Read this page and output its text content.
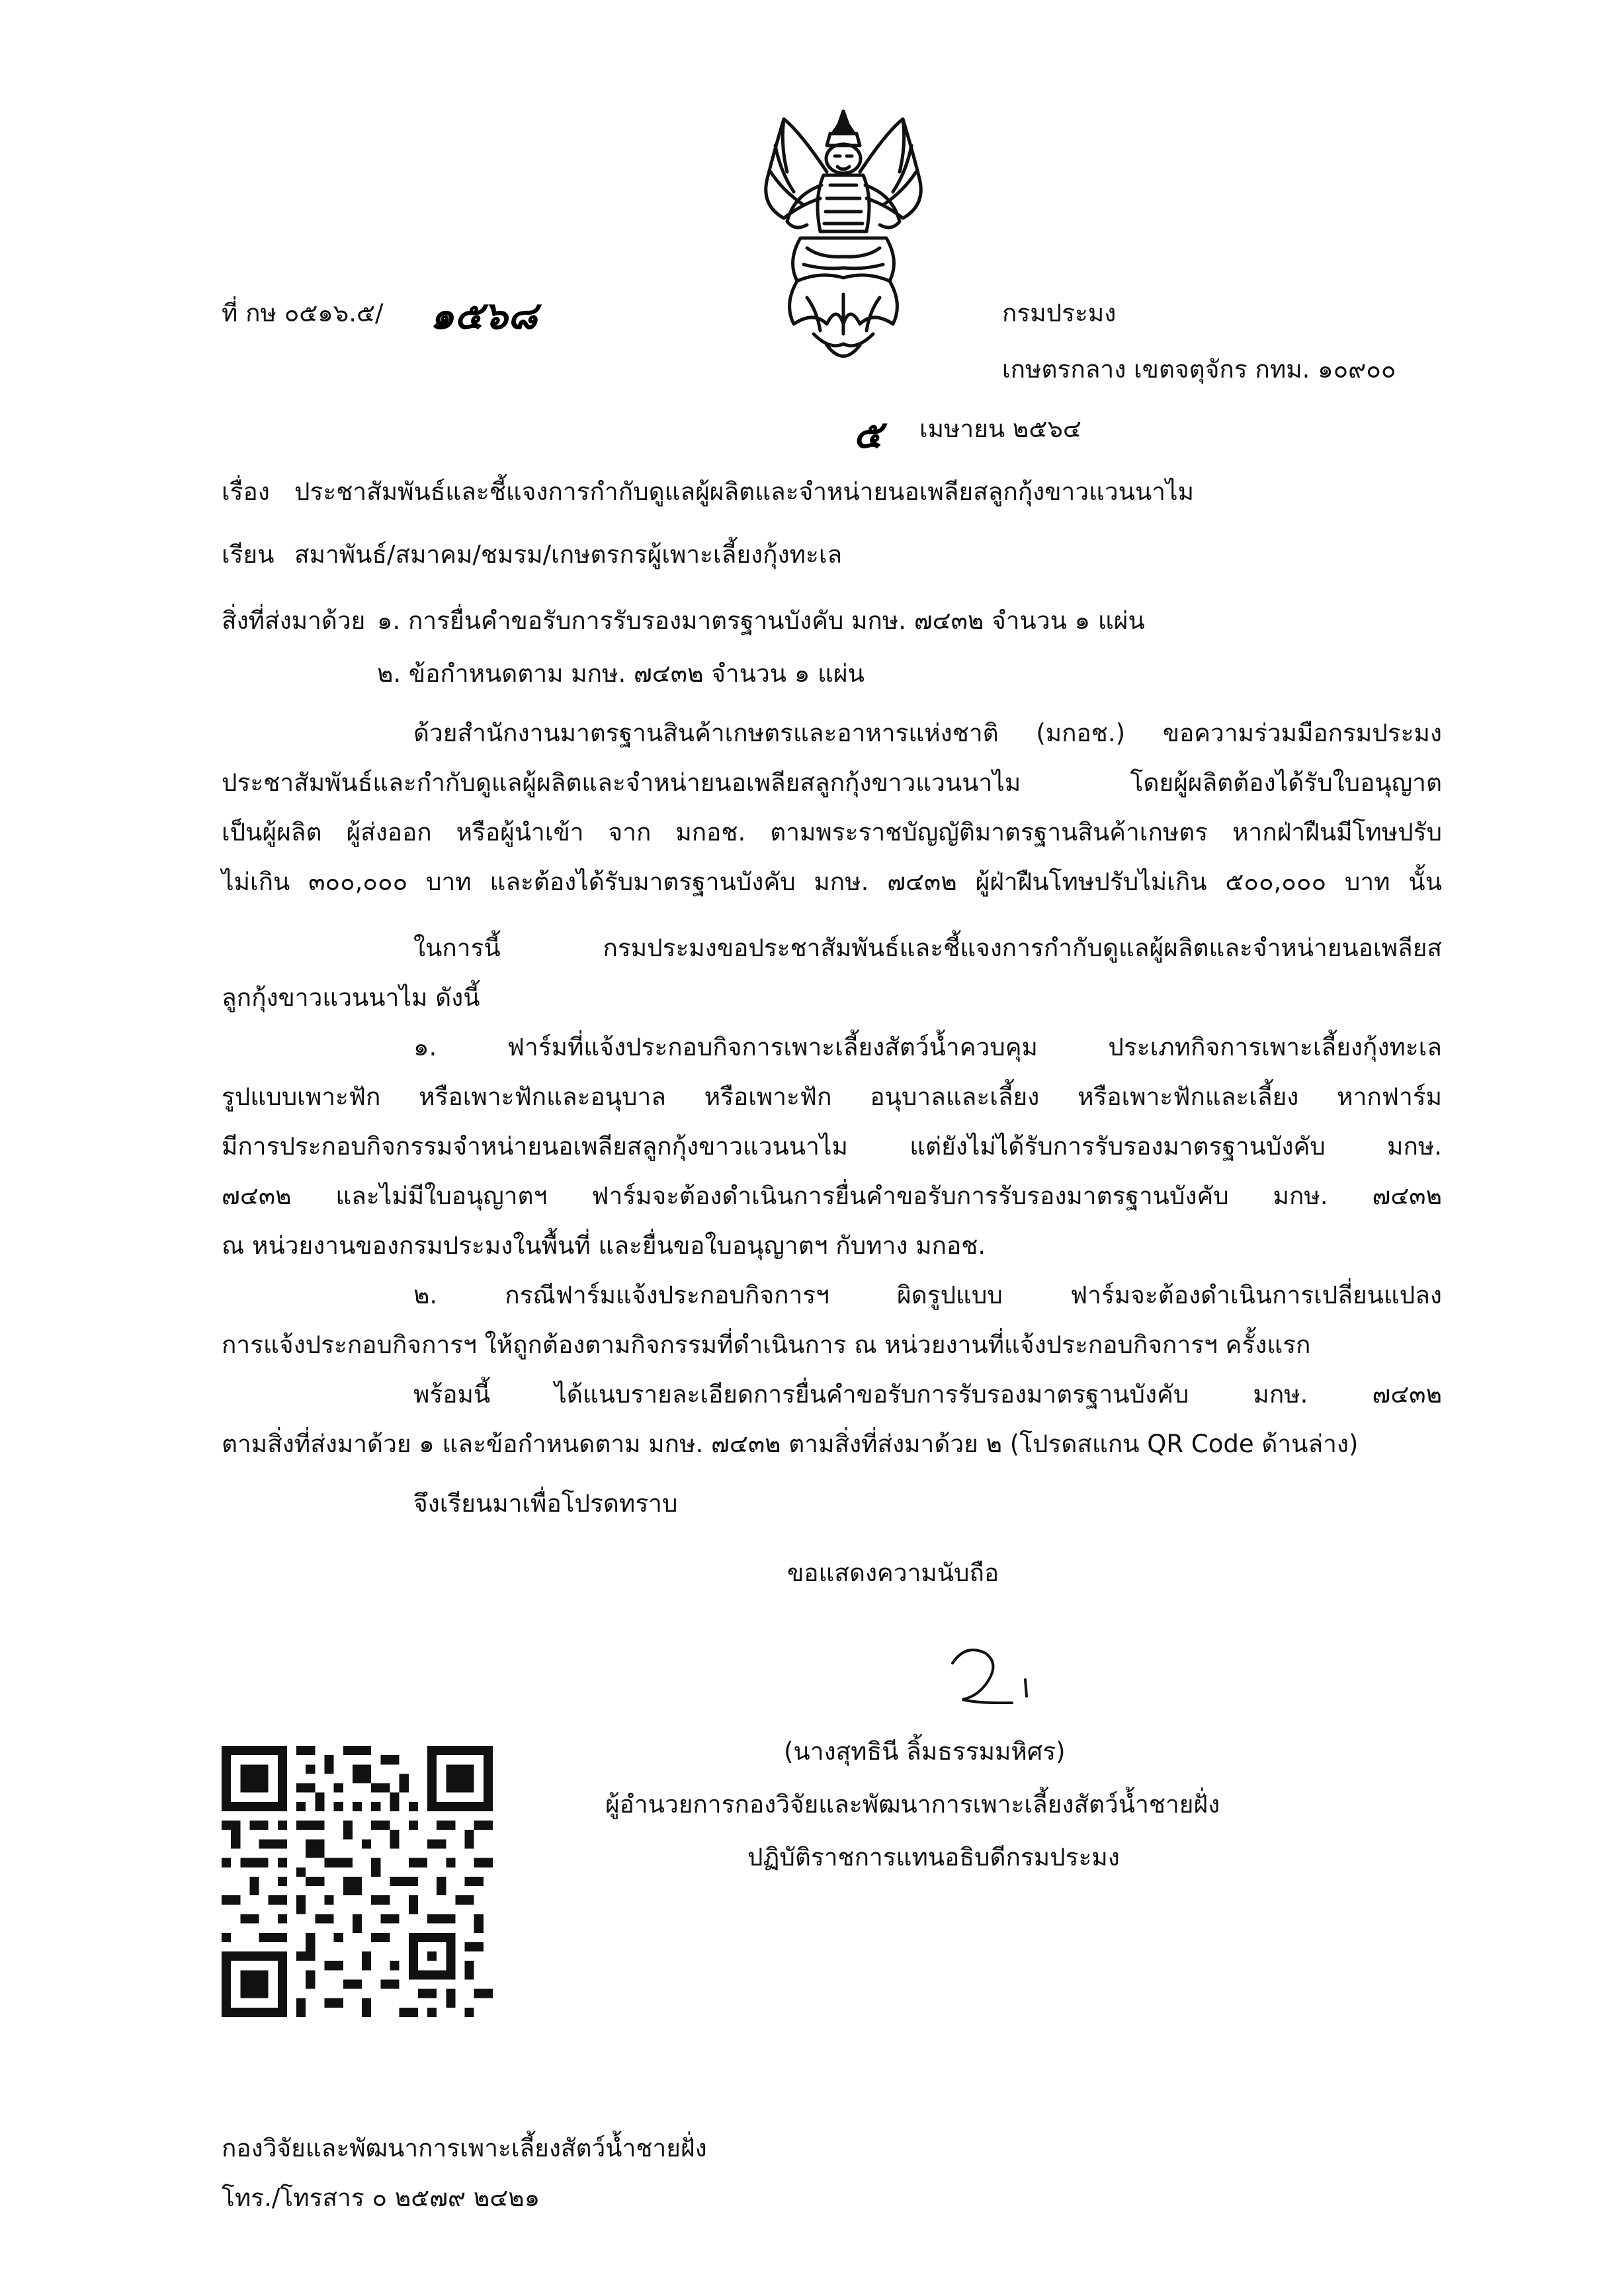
ที่ กษ ๐๕๑๖.๕/ ๑๕๖๘	กรมประมง
เกษตรกลาง เขตจตุจักร กทม. ๑๐๙๐๐
๕ เมษายน ๒๕๖๔
เรื่อง ประชาสัมพันธ์และชี้แจงการกำกับดูแลผู้ผลิตและจำหน่ายนอเพลียสลูกกุ้งขาวแวนนาไม
เรียน สมาพันธ์/สมาคม/ชมรม/เกษตรกรผู้เพาะเลี้ยงกุ้งทะเล
สิ่งที่ส่งมาด้วย ๑. การยื่นคำขอรับการรับรองมาตรฐานบังคับ มกษ. ๗๔๓๒ จำนวน ๑ แผ่น
๒. ข้อกำหนดตาม มกษ. ๗๔๓๒ จำนวน ๑ แผ่น
ด้วยสำนักงานมาตรฐานสินค้าเกษตรและอาหารแห่งชาติ (มกอช.) ขอความร่วมมือกรมประมง
ประชาสัมพันธ์และกำกับดูแลผู้ผลิตและจำหน่ายนอเพลียสลูกกุ้งขาวแวนนาไม โดยผู้ผลิตต้องได้รับใบอนุญาต
เป็นผู้ผลิต ผู้ส่งออก หรือผู้นำเข้า จาก มกอช. ตามพระราชบัญญัติมาตรฐานสินค้าเกษตร หากฝ่าฝืนมีโทษปรับ
ไม่เกิน ๓๐๐,๐๐๐ บาท และต้องได้รับมาตรฐานบังคับ มกษ. ๗๔๓๒ ผู้ฝ่าฝืนโทษปรับไม่เกิน ๕๐๐,๐๐๐ บาท นั้น
ในการนี้ กรมประมงขอประชาสัมพันธ์และชี้แจงการกำกับดูแลผู้ผลิตและจำหน่ายนอเพลียส
ลูกกุ้งขาวแวนนาไม ดังนี้
๑. ฟาร์มที่แจ้งประกอบกิจการเพาะเลี้ยงสัตว์น้ำควบคุม ประเภทกิจการเพาะเลี้ยงกุ้งทะเล
รูปแบบเพาะฟัก หรือเพาะฟักและอนุบาล หรือเพาะฟัก อนุบาลและเลี้ยง หรือเพาะฟักและเลี้ยง หากฟาร์ม
มีการประกอบกิจกรรมจำหน่ายนอเพลียสลูกกุ้งขาวแวนนาไม แต่ยังไม่ได้รับการรับรองมาตรฐานบังคับ มกษ.
๗๔๓๒ และไม่มีใบอนุญาตฯ ฟาร์มจะต้องดำเนินการยื่นคำขอรับการรับรองมาตรฐานบังคับ มกษ. ๗๔๓๒
ณ หน่วยงานของกรมประมงในพื้นที่ และยื่นขอใบอนุญาตฯ กับทาง มกอช.
๒. กรณีฟาร์มแจ้งประกอบกิจการฯ ผิดรูปแบบ ฟาร์มจะต้องดำเนินการเปลี่ยนแปลง
การแจ้งประกอบกิจการฯ ให้ถูกต้องตามกิจกรรมที่ดำเนินการ ณ หน่วยงานที่แจ้งประกอบกิจการฯ ครั้งแรก
พร้อมนี้ ได้แนบรายละเอียดการยื่นคำขอรับการรับรองมาตรฐานบังคับ มกษ. ๗๔๓๒
ตามสิ่งที่ส่งมาด้วย ๑ และข้อกำหนดตาม มกษ. ๗๔๓๒ ตามสิ่งที่ส่งมาด้วย ๒ (โปรดสแกน QR Code ด้านล่าง)
จึงเรียนมาเพื่อโปรดทราบ
ขอแสดงความนับถือ
(นางสุทธินี ลิ้มธรรมมหิศร)
ผู้อำนวยการกองวิจัยและพัฒนาการเพาะเลี้ยงสัตว์น้ำชายฝั่ง
ปฏิบัติราชการแทนอธิบดีกรมประมง
กองวิจัยและพัฒนาการเพาะเลี้ยงสัตว์น้ำชายฝั่ง
โทร./โทรสาร ๐ ๒๕๗๙ ๒๔๒๑
